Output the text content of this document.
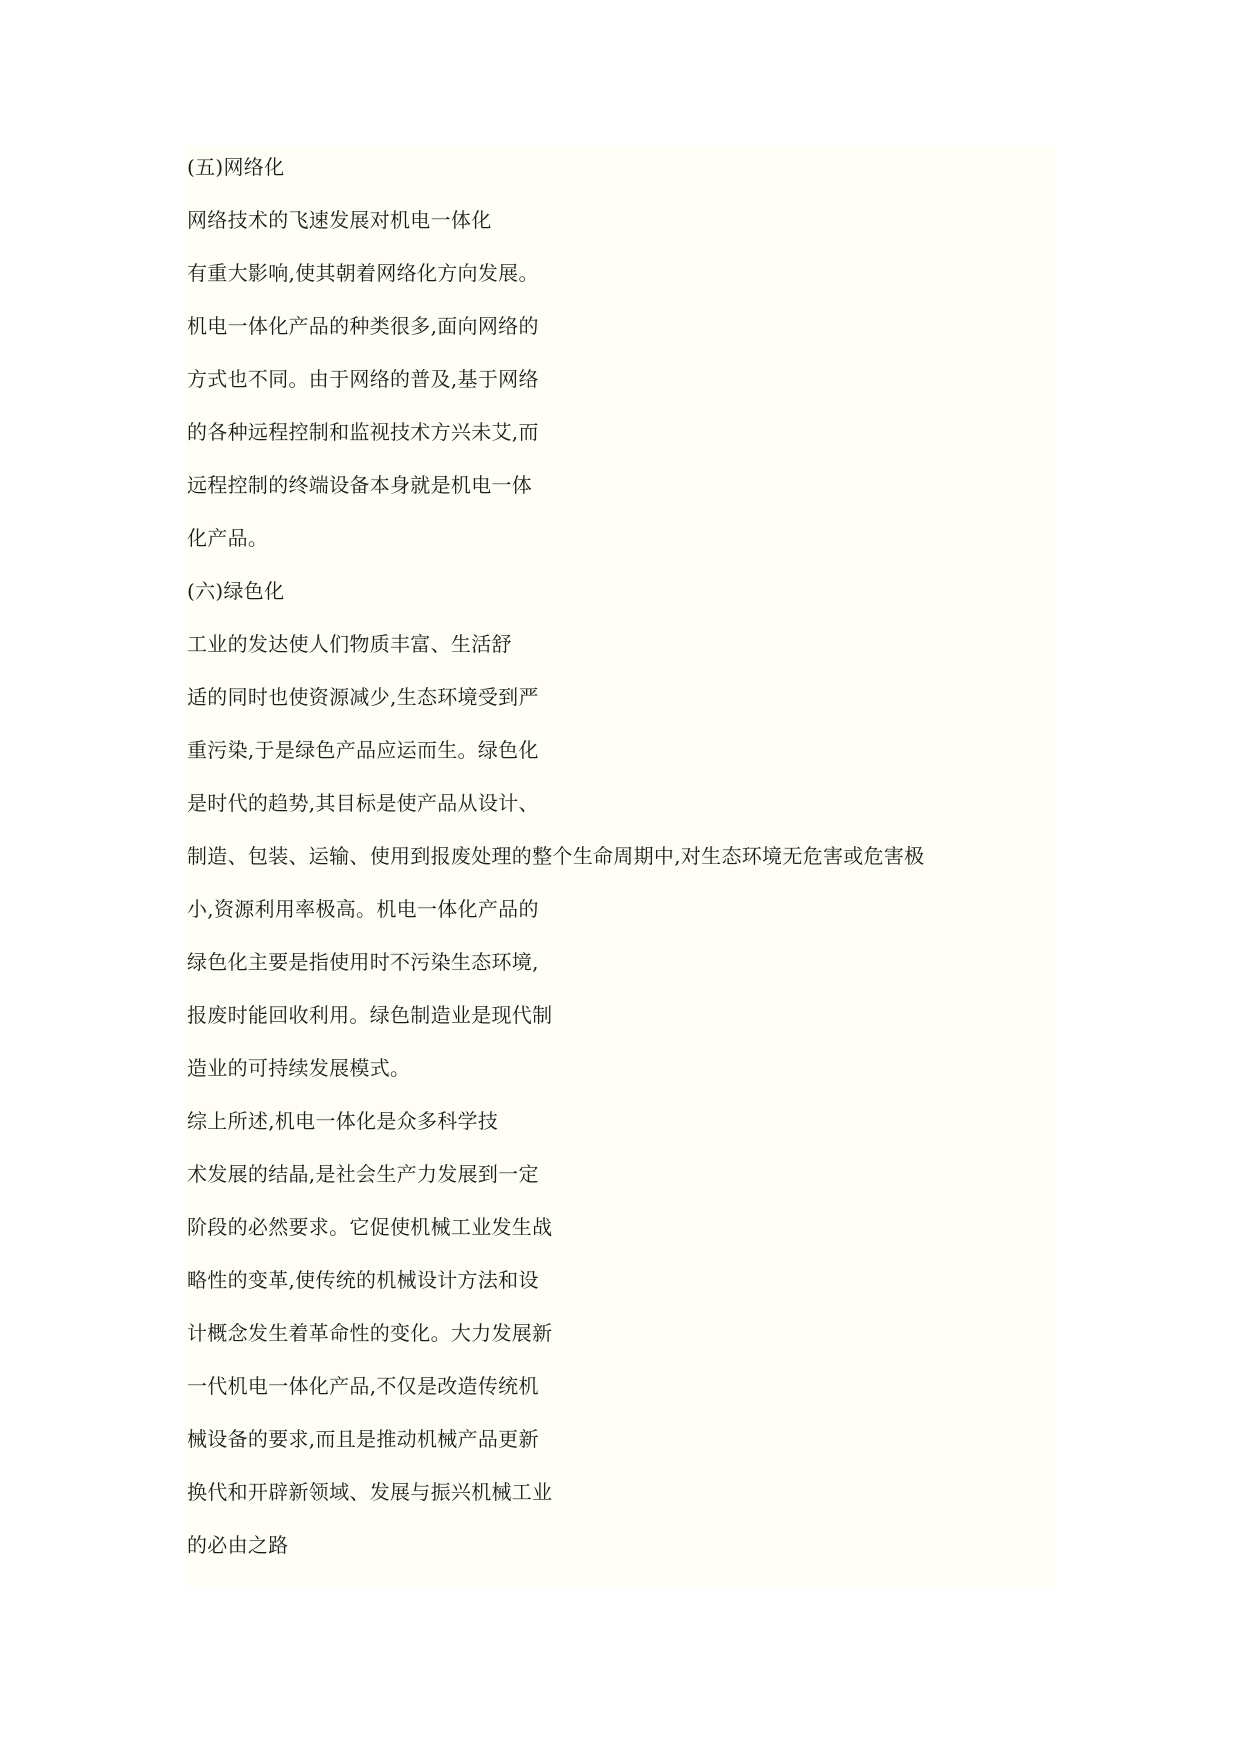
(五)网络化
网络技术的飞速发展对机电一体化
有重大影响,使其朝着网络化方向发展。
机电一体化产品的种类很多,面向网络的
方式也不同。由于网络的普及,基于网络
的各种远程控制和监视技术方兴未艾,而
远程控制的终端设备本身就是机电一体
化产品。
(六)绿色化
工业的发达使人们物质丰富、生活舒
适的同时也使资源减少,生态环境受到严
重污染,于是绿色产品应运而生。绿色化
是时代的趋势,其目标是使产品从设计、
制造、包装、运输、使用到报废处理的整个生命周期中,对生态环境无危害或危害极
小,资源利用率极高。机电一体化产品的
绿色化主要是指使用时不污染生态环境,
报废时能回收利用。绿色制造业是现代制
造业的可持续发展模式。
综上所述,机电一体化是众多科学技
术发展的结晶,是社会生产力发展到一定
阶段的必然要求。它促使机械工业发生战
略性的变革,使传统的机械设计方法和设
计概念发生着革命性的变化。大力发展新
一代机电一体化产品,不仅是改造传统机
械设备的要求,而且是推动机械产品更新
换代和开辟新领域、发展与振兴机械工业
的必由之路
